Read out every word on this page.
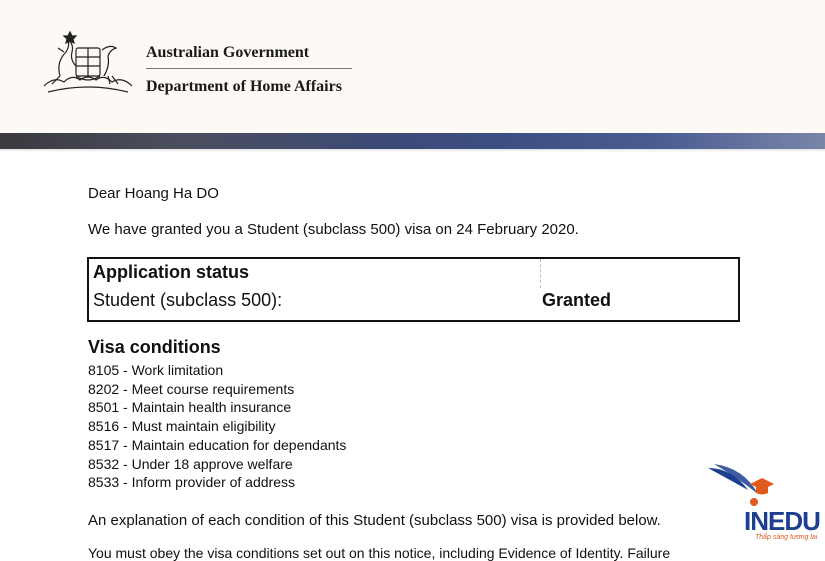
Australian Government
Department of Home Affairs
Dear Hoang Ha DO
We have granted you a Student (subclass 500) visa on 24 February 2020.
Application status
Student (subclass 500):	Granted
Visa conditions
8105 - Work limitation
8202 - Meet course requirements
8501 - Maintain health insurance
8516 - Must maintain eligibility
8517 - Maintain education for dependants
8532 - Under 18 approve welfare
8533 - Inform provider of address
An explanation of each condition of this Student (subclass 500) visa is provided below.
You must obey the visa conditions set out on this notice, including Evidence of Identity. Failure
INEDU
Thắp sáng tương lai
